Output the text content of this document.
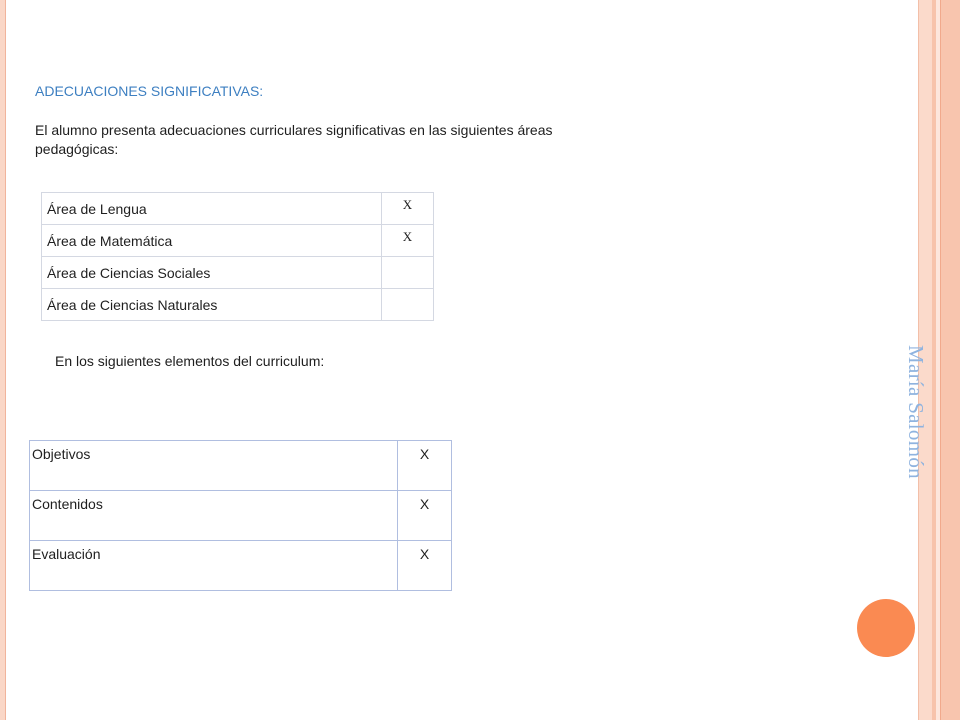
María Salomón
ADECUACIONES SIGNIFICATIVAS:
El alumno presenta adecuaciones curriculares significativas en las siguientes áreas pedagógicas:
Área de Lengua	X
Área de Matemática	X
Área de Ciencias Sociales	
Área de Ciencias Naturales	
En los siguientes elementos del curriculum:
Objetivos	X
Contenidos	X
Evaluación	X
